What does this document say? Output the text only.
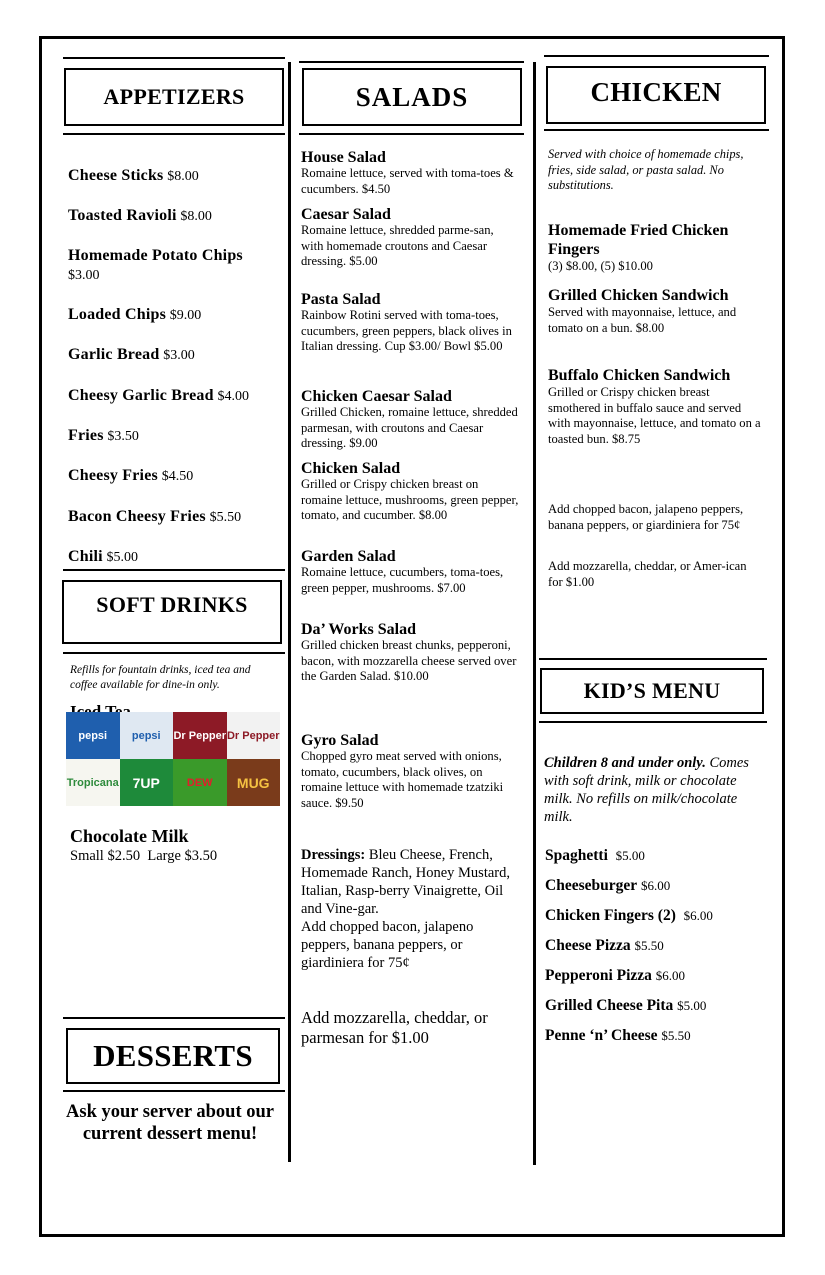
APPETIZERS
Cheese Sticks $8.00
Toasted Ravioli $8.00
Homemade Potato Chips
$3.00
Loaded Chips $9.00
Garlic Bread $3.00
Cheesy Garlic Bread $4.00
Fries $3.50
Cheesy Fries $4.50
Bacon Cheesy Fries $5.50
Chili $5.00
SOFT DRINKS
Refills for fountain drinks, iced tea and coffee available for dine-in only.
pepsi	pepsi	Dr Pepper Dr Pepper
Tropicana 7UP	DEW	MUG
Chocolate Milk
Small $2.50  Large $3.50
DESSERTS
Ask your server about our current dessert menu!
SALADS
House Salad
Romaine lettuce, served with toma-toes & cucumbers. $4.50
Caesar Salad
Romaine lettuce, shredded parme-san, with homemade croutons and Caesar dressing. $5.00
Pasta Salad
Rainbow Rotini served with toma-toes, cucumbers, green peppers, black olives in Italian dressing. Cup $3.00/ Bowl $5.00
Chicken Caesar Salad
Grilled Chicken, romaine lettuce, shredded parmesan, with croutons and Caesar dressing. $9.00
Chicken Salad
Grilled or Crispy chicken breast on romaine lettuce, mushrooms, green pepper, tomato, and cucumber. $8.00
Garden Salad
Romaine lettuce, cucumbers, toma-toes, green pepper, mushrooms. $7.00
Da’ Works Salad
Grilled chicken breast chunks, pepperoni, bacon, with mozzarella cheese served over the Garden Salad. $10.00
Gyro Salad
Chopped gyro meat served with onions, tomato, cucumbers, black olives, on romaine lettuce with homemade tzatziki sauce. $9.50
Dressings: Bleu Cheese, French, Homemade Ranch, Honey Mustard, Italian, Rasp-berry Vinaigrette, Oil and Vine-gar.
Add chopped bacon, jalapeno peppers, banana peppers, or giardiniera for 75¢
Add mozzarella, cheddar, or parmesan for $1.00
CHICKEN
Served with choice of homemade chips, fries, side salad, or pasta salad. No substitutions.
Homemade Fried Chicken Fingers
(3) $8.00, (5) $10.00
Grilled Chicken Sandwich
Served with mayonnaise, lettuce, and tomato on a bun. $8.00
Buffalo Chicken Sandwich
Grilled or Crispy chicken breast smothered in buffalo sauce and served with mayonnaise, lettuce, and tomato on a toasted bun. $8.75
Add chopped bacon, jalapeno peppers, banana peppers, or giardiniera for 75¢
Add mozzarella, cheddar, or Amer-ican for $1.00
KID’S MENU
Children 8 and under only. Comes with soft drink, milk or chocolate milk. No refills on milk/chocolate milk.
Spaghetti $5.00
Cheeseburger $6.00
Chicken Fingers (2) $6.00
Cheese Pizza $5.50
Pepperoni Pizza $6.00
Grilled Cheese Pita $5.00
Penne ‘n’ Cheese $5.50
